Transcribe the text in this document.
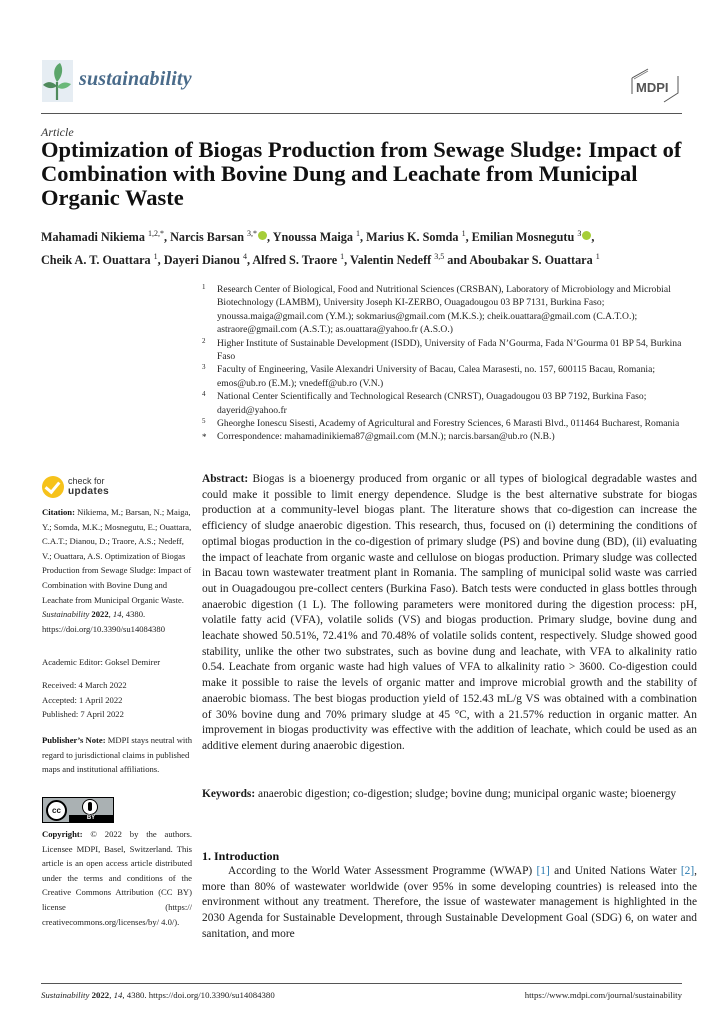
sustainability	MDPI
Article
Optimization of Biogas Production from Sewage Sludge: Impact of Combination with Bovine Dung and Leachate from Municipal Organic Waste
Mahamadi Nikiema $^{1,2,*}$, Narcis Barsan $^{3,*}$ , Ynoussa Maiga $^1$, Marius K. Somda $^1$, Emilian Mosnegutu $^3$ ,
Cheik A. T. Ouattara $^1$, Dayeri Dianou $^4$, Alfred S. Traore $^1$, Valentin Nedeff $^{3,5}$ and Aboubakar S. Ouattara $^1$
1 Research Center of Biological, Food and Nutritional Sciences (CRSBAN), Laboratory of Microbiology and Microbial Biotechnology (LAMBM), University Joseph KI-ZERBO, Ouagadougou 03 BP 7131, Burkina Faso; ynoussa.maiga@gmail.com (Y.M.); sokmarius@gmail.com (M.K.S.); cheik.ouattara@gmail.com (C.A.T.O.); astraore@gmail.com (A.S.T.); as.ouattara@yahoo.fr (A.S.O.)
2 Higher Institute of Sustainable Development (ISDD), University of Fada N’Gourma, Fada N’Gourma 01 BP 54, Burkina Faso
3 Faculty of Engineering, Vasile Alexandri University of Bacau, Calea Marasesti, no. 157, 600115 Bacau, Romania; emos@ub.ro (E.M.); vnedeff@ub.ro (V.N.)
4 National Center Scientifically and Technological Research (CNRST), Ouagadougou 03 BP 7192, Burkina Faso; dayerid@yahoo.fr
5 Gheorghe Ionescu Sisesti, Academy of Agricultural and Forestry Sciences, 6 Marasti Blvd., 011464 Bucharest, Romania
* Correspondence: mahamadinikiema87@gmail.com (M.N.); narcis.barsan@ub.ro (N.B.)
check for
updates
Citation: Nikiema, M.; Barsan, N.; Maiga, Y.; Somda, M.K.; Mosnegutu, E.; Ouattara, C.A.T.; Dianou, D.; Traore, A.S.; Nedeff, V.; Ouattara, A.S. Optimization of Biogas Production from Sewage Sludge: Impact of Combination with Bovine Dung and Leachate from Municipal Organic Waste. Sustainability 2022, 14, 4380. https://doi.org/10.3390/su14084380
Academic Editor: Goksel Demirer
Received: 4 March 2022
Accepted: 1 April 2022
Published: 7 April 2022
Publisher’s Note: MDPI stays neutral with regard to jurisdictional claims in published maps and institutional affiliations.
cc
BY
Copyright: © 2022 by the authors. Licensee MDPI, Basel, Switzerland. This article is an open access article distributed under the terms and conditions of the Creative Commons Attribution (CC BY) license (https:// creativecommons.org/licenses/by/ 4.0/).
Abstract: Biogas is a bioenergy produced from organic or all types of biological degradable wastes and could make it possible to limit energy dependence. Sludge is the best alternative substrate for biogas production at a community-level biogas plant. The literature shows that co-digestion can increase the efficiency of sludge anaerobic digestion. This research, thus, focused on (i) determining the conditions of optimal biogas production in the co-digestion of primary sludge (PS) and bovine dung (BD), (ii) evaluating the impact of leachate from organic waste and cellulose on biogas production. Primary sludge was collected in Bacau town wastewater treatment plant in Romania. The sampling of municipal solid waste was carried out in Ouagadougou pre-collect centers (Burkina Faso). Batch tests were conducted in glass bottles through anaerobic digestion (1 L). The following parameters were monitored during the digestion process: pH, volatile fatty acid (VFA), volatile solids (VS) and biogas production. Primary sludge, bovine dung and leachate showed 50.51%, 72.41% and 70.48% of volatile solids content, respectively. Sludge showed good stability, unlike the other two substrates, such as bovine dung and leachate, with VFA to alkalinity ratio 0.54. Leachate from organic waste had high values of VFA to alkalinity ratio > 3600. Co-digestion could make it possible to raise the levels of organic matter and improve microbial growth and the stability of anaerobic biomass. The best biogas production yield of 152.43 mL/g VS was obtained with a combination of 30% bovine dung and 70% primary sludge at 45 °C, with a 21.57% reduction in organic matter. An improvement in biogas productivity was effective with the addition of leachate, which could be used as an additive element during anaerobic digestion.
Keywords: anaerobic digestion; co-digestion; sludge; bovine dung; municipal organic waste; bioenergy
1. Introduction
According to the World Water Assessment Programme (WWAP) [1] and United Nations Water [2], more than 80% of wastewater worldwide (over 95% in some developing countries) is released into the environment without any treatment. Therefore, the issue of wastewater management is highlighted in the 2030 Agenda for Sustainable Development, through Sustainable Development Goal (SDG) 6, on water and sanitation, and more
Sustainability 2022, 14, 4380. https://doi.org/10.3390/su14084380	https://www.mdpi.com/journal/sustainability
